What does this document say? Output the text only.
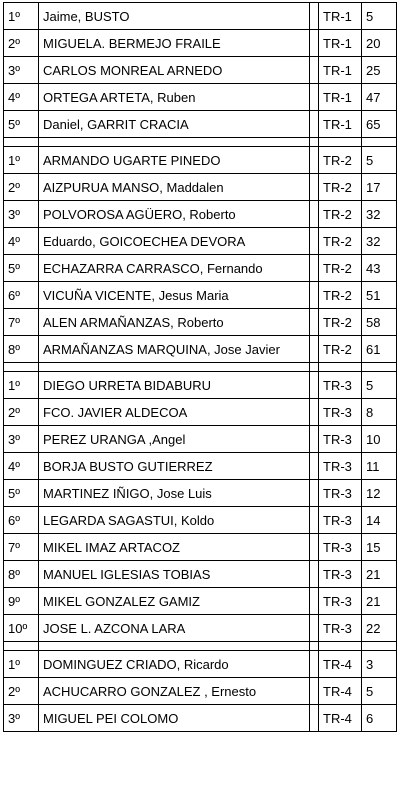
1º	Jaime, BUSTO		TR-1	5
2º	MIGUELA. BERMEJO FRAILE		TR-1	20
3º	CARLOS MONREAL ARNEDO		TR-1	25
4º	ORTEGA ARTETA, Ruben		TR-1	47
5º	Daniel, GARRIT CRACIA		TR-1	65

1º	ARMANDO UGARTE PINEDO		TR-2	5
2º	AIZPURUA MANSO, Maddalen		TR-2	17
3º	POLVOROSA AGÜERO, Roberto		TR-2	32
4º	Eduardo, GOICOECHEA DEVORA		TR-2	32
5º	ECHAZARRA CARRASCO, Fernando		TR-2	43
6º	VICUÑA VICENTE, Jesus Maria		TR-2	51
7º	ALEN ARMAÑANZAS, Roberto		TR-2	58
8º	ARMAÑANZAS MARQUINA, Jose Javier		TR-2	61

1º	DIEGO URRETA BIDABURU		TR-3	5
2º	FCO. JAVIER ALDECOA		TR-3	8
3º	PEREZ URANGA ,Angel		TR-3	10
4º	BORJA BUSTO GUTIERREZ		TR-3	11
5º	MARTINEZ IÑIGO, Jose Luis		TR-3	12
6º	LEGARDA SAGASTUI, Koldo		TR-3	14
7º	MIKEL IMAZ ARTACOZ		TR-3	15
8º	MANUEL IGLESIAS TOBIAS		TR-3	21
9º	MIKEL GONZALEZ GAMIZ		TR-3	21
10º	JOSE L. AZCONA LARA		TR-3	22

1º	DOMINGUEZ CRIADO, Ricardo		TR-4	3
2º	ACHUCARRO GONZALEZ , Ernesto		TR-4	5
3º	MIGUEL PEI COLOMO		TR-4	6
